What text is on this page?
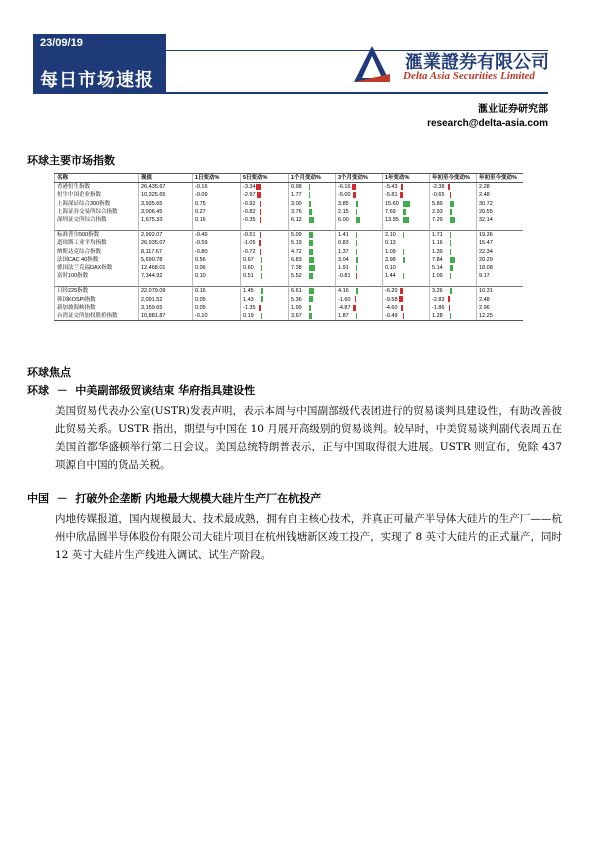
23/09/19
每日市场速报
滙業證券有限公司
Delta Asia Securities Limited
滙业证券研究部
research@delta-asia.com
环球主要市场指数
名称	现值	1日变动%	5日变动%	1个月变动%	3个月变动%	1年变动%	年初至今变动%	年初至今变动%
香港恒生指数	26,435.67	-0.16	-3.34	0.98	-6.16	-5.43	-2.38	2.28
恒生中国企业指数	10,325.65	-0.09	-2.97	1.77	-5.00	-5.81	-0.65	2.48
上海深证综合300指数	3,935.65	0.75	-0.92	3.00	3.85	15.60	5.89	30.72
上海证券交易所综合指数	3,006.45	0.27	-0.82	3.76	2.15	7.69	2.93	20.55
深圳证交所综合指数	1,675.33	0.16	-0.35	6.12	6.00	13.95	7.29	32.14

标准普尔500指数	2,992.07	-0.49	-0.51	5.09	1.41	2.10	1.71	19.36
道琼斯工业平均指数	26,935.07	-0.59	-1.05	5.19	0.83	0.13	1.16	15.47
纳斯达克综合指数	8,117.67	-0.80	-0.72	4.72	1.37	1.09	1.39	22.34
法国CAC 40指数	5,690.78	0.56	0.67	6.83	3.04	3.98	7.84	20.29
德国法兰克福DAX指数	12,468.01	0.06	0.60	7.38	1.91	0.10	5.14	18.08
富时100指数	7,344.92	0.10	0.51	5.52	-0.81	1.44	1.09	9.17

日经225指数	22,079.09	0.16	1.45	6.61	4.16	-6.20	3.26	10.31
韩国KOSPI指数	2,091.52	0.05	1.43	5.36	-1.60	-9.58	-2.83	2.48
新加坡海峡指数	3,159.65	0.05	-1.35	1.99	-4.87	-4.60	-1.86	2.96
台湾证交所加权股价指数	10,881.87	-0.10	0.19	3.67	1.87	-0.49	1.28	12.25
环球焦点
环球 － 中美副部级贸谈结束 华府指具建设性

美国贸易代表办公室(USTR)发表声明，表示本周与中国副部级代表团进行的贸易谈判具建设性，有助改善彼此贸易关系。USTR 指出，期望与中国在 10 月展开高级别的贸易谈判。较早时，中美贸易谈判副代表周五在美国首都华盛顿举行第二日会议。美国总统特朗普表示，正与中国取得很大进展。USTR 则宣布，免除 437 项源自中国的货品关税。

中国 － 打破外企垄断 内地最大规模大硅片生产厂在杭投产

内地传媒报道，国内规模最大、技术最成熟，拥有自主核心技术，并真正可量产半导体大硅片的生产厂——杭州中欣晶圆半导体股份有限公司大硅片项目在杭州钱塘新区竣工投产，实现了 8 英寸大硅片的正式量产，同时 12 英寸大硅片生产线进入调试、试生产阶段。
